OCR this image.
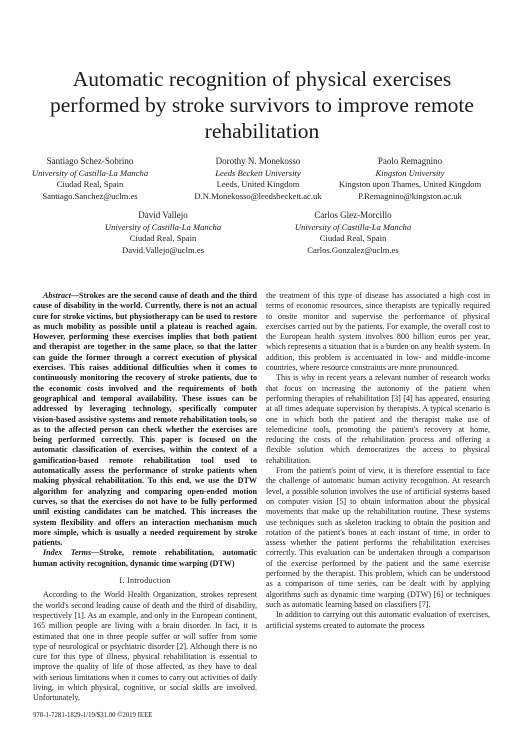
Automatic recognition of physical exercises performed by stroke survivors to improve remote rehabilitation
Santiago Schez-Sobrino
University of Castilla-La Mancha
Ciudad Real, Spain
Santiago.Sanchez@uclm.es
Dorothy N. Monekosso
Leeds Beckett University
Leeds, United Kingdom
D.N.Monekosso@leedsbeckett.ac.uk
Paolo Remagnino
Kingston University
Kingston upon Thames, United Kingdom
P.Remagnino@kingston.ac.uk
David Vallejo
University of Castilla-La Mancha
Ciudad Real, Spain
David.Vallejo@uclm.es
Carlos Glez-Morcillo
University of Castilla-La Mancha
Ciudad Real, Spain
Carlos.Gonzalez@uclm.es

Abstract—Strokes are the second cause of death and the third cause of disability in the world. Currently, there is not an actual cure for stroke victims, but physiotherapy can be used to restore as much mobility as possible until a plateau is reached again. However, performing these exercises implies that both patient and therapist are together in the same place, so that the latter can guide the former through a correct execution of physical exercises. This raises additional difficulties when it comes to continuously monitoring the recovery of stroke patients, due to the economic costs involved and the requirements of both geographical and temporal availability. These issues can be addressed by leveraging technology, specifically computer vision-based assistive systems and remote rehabilitation tools, so as to the affected person can check whether the exercises are being performed correctly. This paper is focused on the automatic classification of exercises, within the context of a gamification-based remote rehabilitation tool used to automatically assess the performance of stroke patients when making physical rehabilitation. To this end, we use the DTW algorithm for analyzing and comparing open-ended motion curves, so that the exercises do not have to be fully performed until existing candidates can be matched. This increases the system flexibility and offers an interaction mechanism much more simple, which is usually a needed requirement by stroke patients.

Index Terms—Stroke, remote rehabilitation, automatic human activity recognition, dynamic time warping (DTW)

I. Introduction

According to the World Health Organization, strokes represent the world's second leading cause of death and the third of disability, respectively [1]. As an example, and only in the European continent, 165 million people are living with a brain disorder. In fact, it is estimated that one in three people suffer or will suffer from some type of neurological or psychiatric disorder [2]. Although there is no cure for this type of illness, physical rehabilitation is essential to improve the quality of life of those affected, as they have to deal with serious limitations when it comes to carry out activities of daily living, in which physical, cognitive, or social skills are involved. Unfortunately,

the treatment of this type of disease has associated a high cost in terms of economic resources, since therapists are typically required to onsite monitor and supervise the performance of physical exercises carried out by the patients. For example, the overall cost to the European health system involves 800 billion euros per year, which represents a situation that is a burden on any health system. In addition, this problem is accentuated in low- and middle-income countries, where resource constraints are more pronounced.

This is why in recent years a relevant number of research works that focus on increasing the autonomy of the patient when performing therapies of rehabilitation [3] [4] has appeared, ensuring at all times adequate supervision by therapists. A typical scenario is one in which both the patient and the therapist make use of telemedicine tools, promoting the patient's recovery at home, reducing the costs of the rehabilitation process and offering a flexible solution which democratizes the access to physical rehabilitation.

From the patient's point of view, it is therefore essential to face the challenge of automatic human activity recognition. At research level, a possible solution involves the use of artificial systems based on computer vision [5] to obtain information about the physical movements that make up the rehabilitation routine. These systems use techniques such as skeleton tracking to obtain the position and rotation of the patient's bones at each instant of time, in order to assess whether the patient performs the rehabilitation exercises correctly. This evaluation can be undertaken through a comparison of the exercise performed by the patient and the same exercise performed by the therapist. This problem, which can be understood as a comparison of time series, can be dealt with by applying algorithms such as dynamic time warping (DTW) [6] or techniques such as automatic learning based on classifiers [7].

In addition to carrying out this automatic evaluation of exercises, artificial systems created to automate the process

978-1-7281-1829-1/19/$31.00 ©2019 IEEE
